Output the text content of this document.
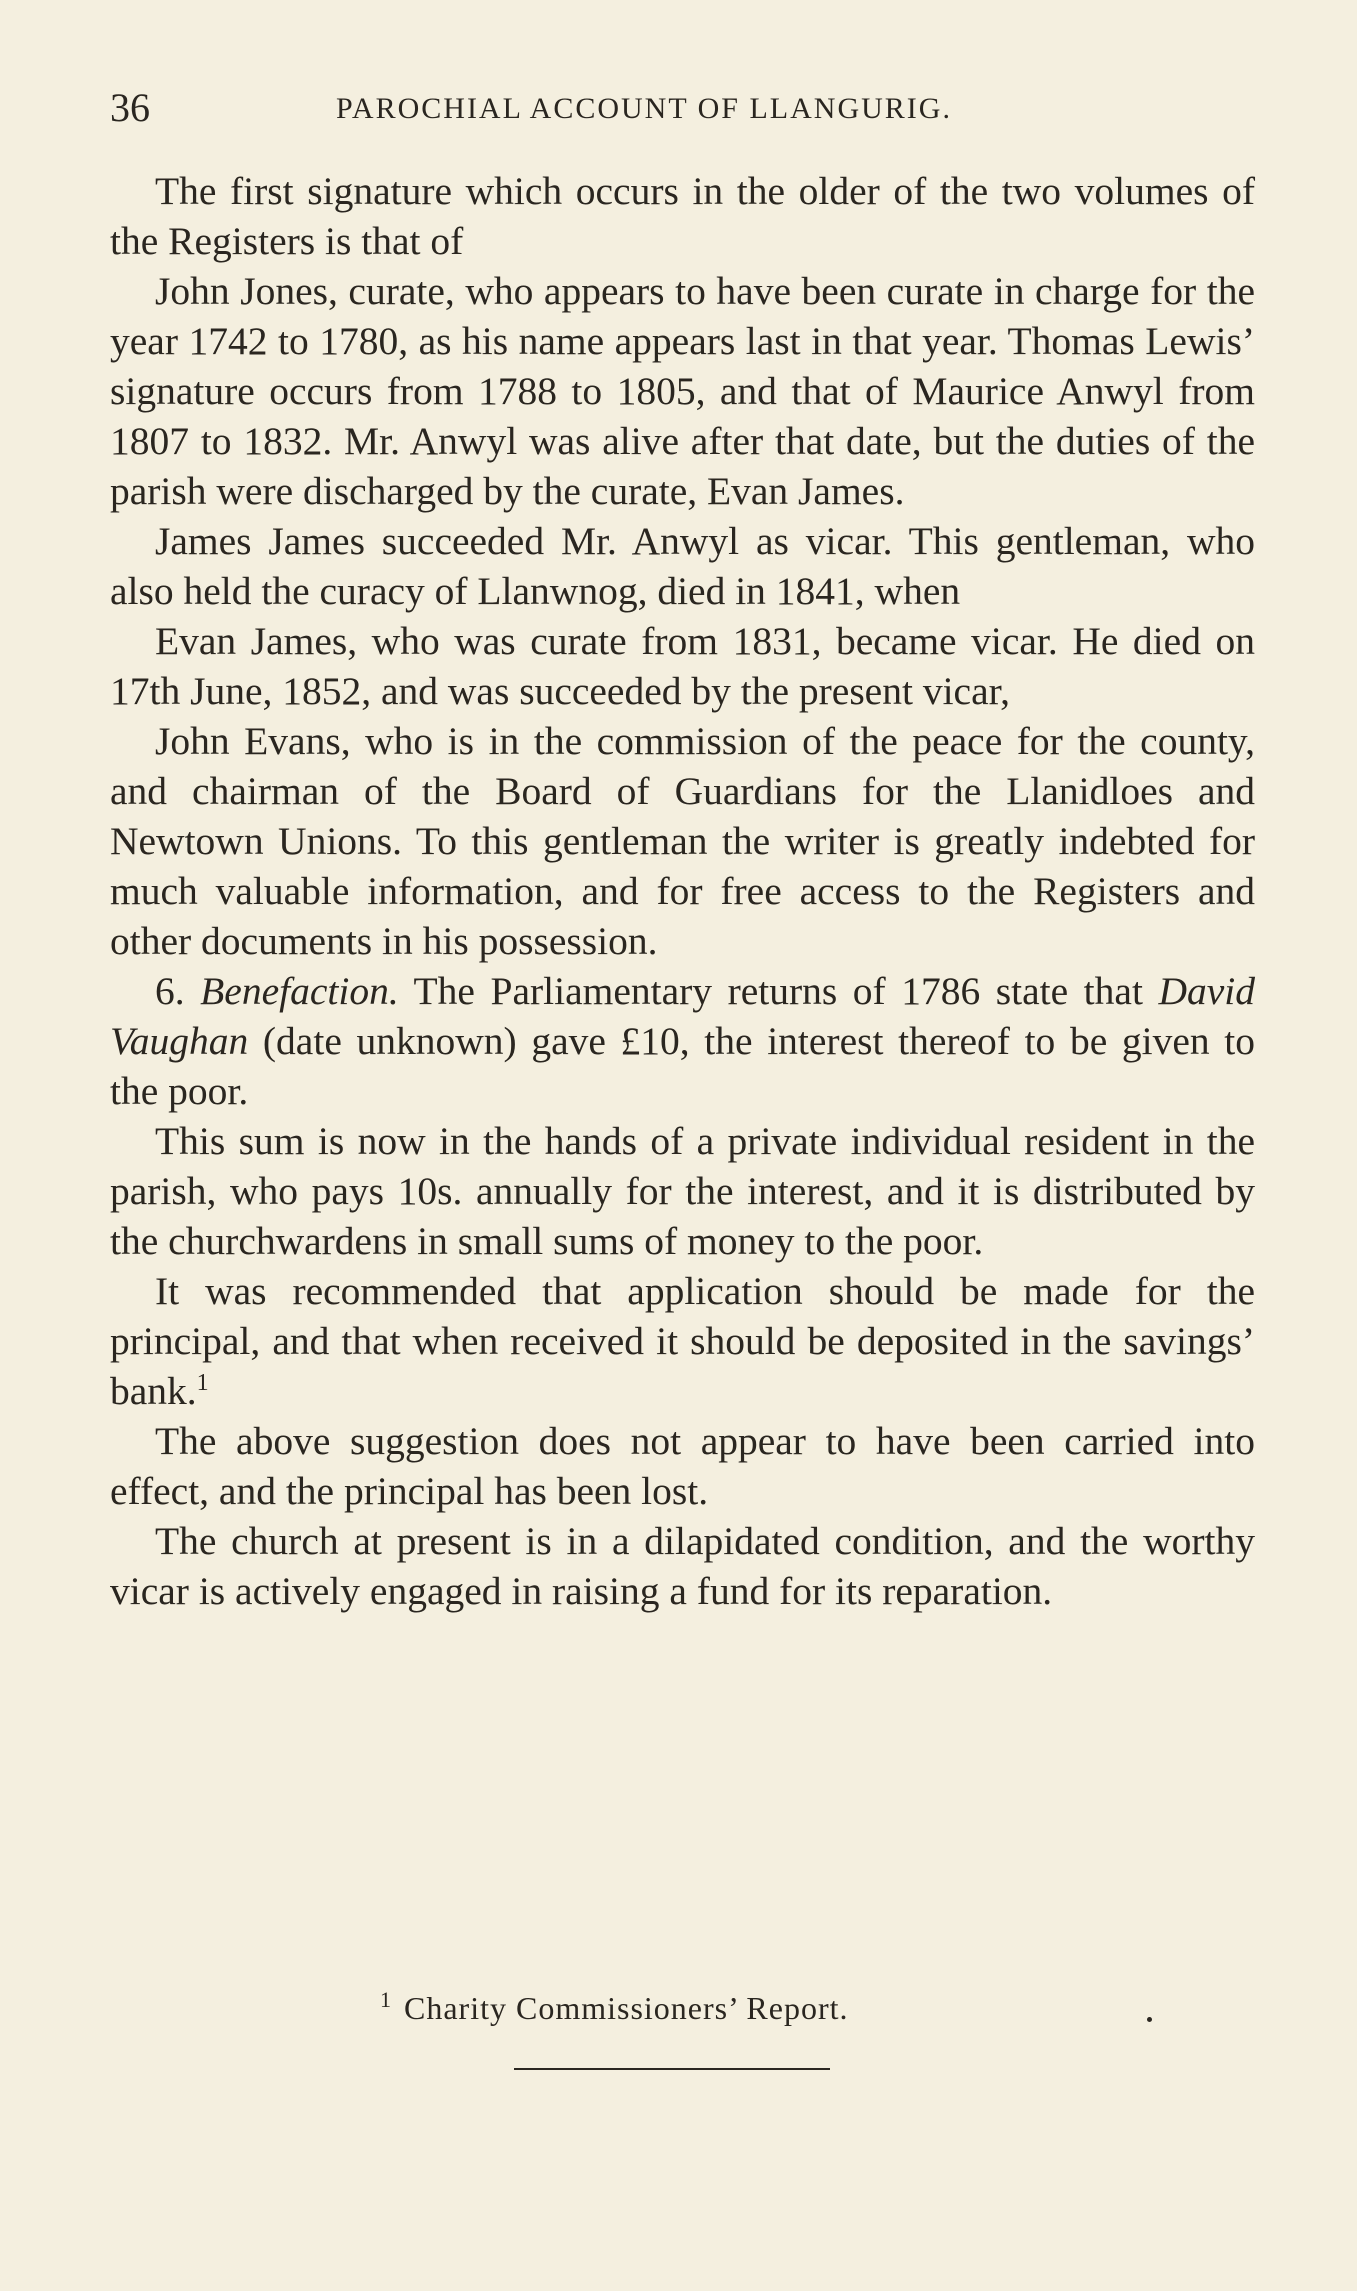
36	PAROCHIAL ACCOUNT OF LLANGURIG.

The first signature which occurs in the older of the two volumes of the Registers is that of

John Jones, curate, who appears to have been curate in charge for the year 1742 to 1780, as his name appears last in that year. Thomas Lewis’ signature occurs from 1788 to 1805, and that of Maurice Anwyl from 1807 to 1832. Mr. Anwyl was alive after that date, but the duties of the parish were discharged by the curate, Evan James.

James James succeeded Mr. Anwyl as vicar. This gentleman, who also held the curacy of Llanwnog, died in 1841, when

Evan James, who was curate from 1831, became vicar. He died on 17th June, 1852, and was succeeded by the present vicar,

John Evans, who is in the commission of the peace for the county, and chairman of the Board of Guardians for the Llanidloes and Newtown Unions. To this gentleman the writer is greatly indebted for much valuable information, and for free access to the Registers and other documents in his possession.

6. Benefaction. The Parliamentary returns of 1786 state that David Vaughan (date unknown) gave £10, the interest thereof to be given to the poor.

This sum is now in the hands of a private individual resident in the parish, who pays 10s. annually for the interest, and it is distributed by the churchwardens in small sums of money to the poor.

It was recommended that application should be made for the principal, and that when received it should be deposited in the savings’ bank.$^1$

The above suggestion does not appear to have been carried into effect, and the principal has been lost.

The church at present is in a dilapidated condition, and the worthy vicar is actively engaged in raising a fund for its reparation.

$^1$ Charity Commissioners’ Report.
